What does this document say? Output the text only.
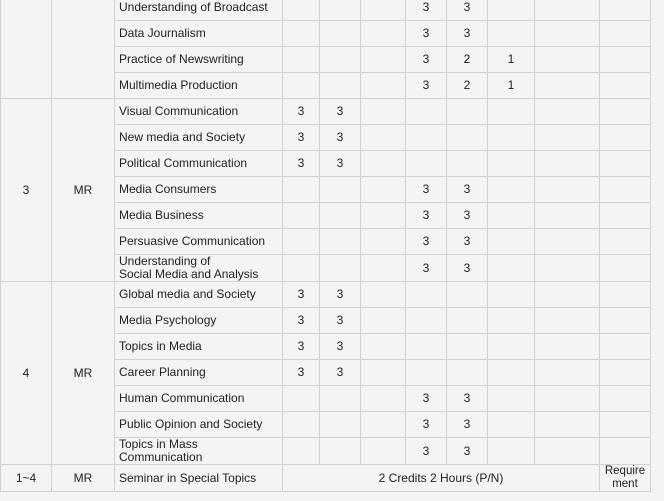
		Understanding of Broadcast				3	3			
		Data Journalism				3	3			
		Practice of Newswriting				3	2	1		
		Multimedia Production				3	2	1		
3	MR	Visual Communication	3	3						
		New media and Society	3	3						
		Political Communication	3	3						
		Media Consumers				3	3			
		Media Business				3	3			
		Persuasive Communication				3	3			
		Understanding of
Social Media and Analysis				3	3			
4	MR	Global media and Society	3	3						
		Media Psychology	3	3						
		Topics in Media	3	3						
		Career Planning	3	3						
		Human Communication				3	3			
		Public Opinion and Society				3	3			
		Topics in Mass
Communication				3	3			
1~4	MR	Seminar in Special Topics	2 Credits 2 Hours (P/N)							Require
ment
